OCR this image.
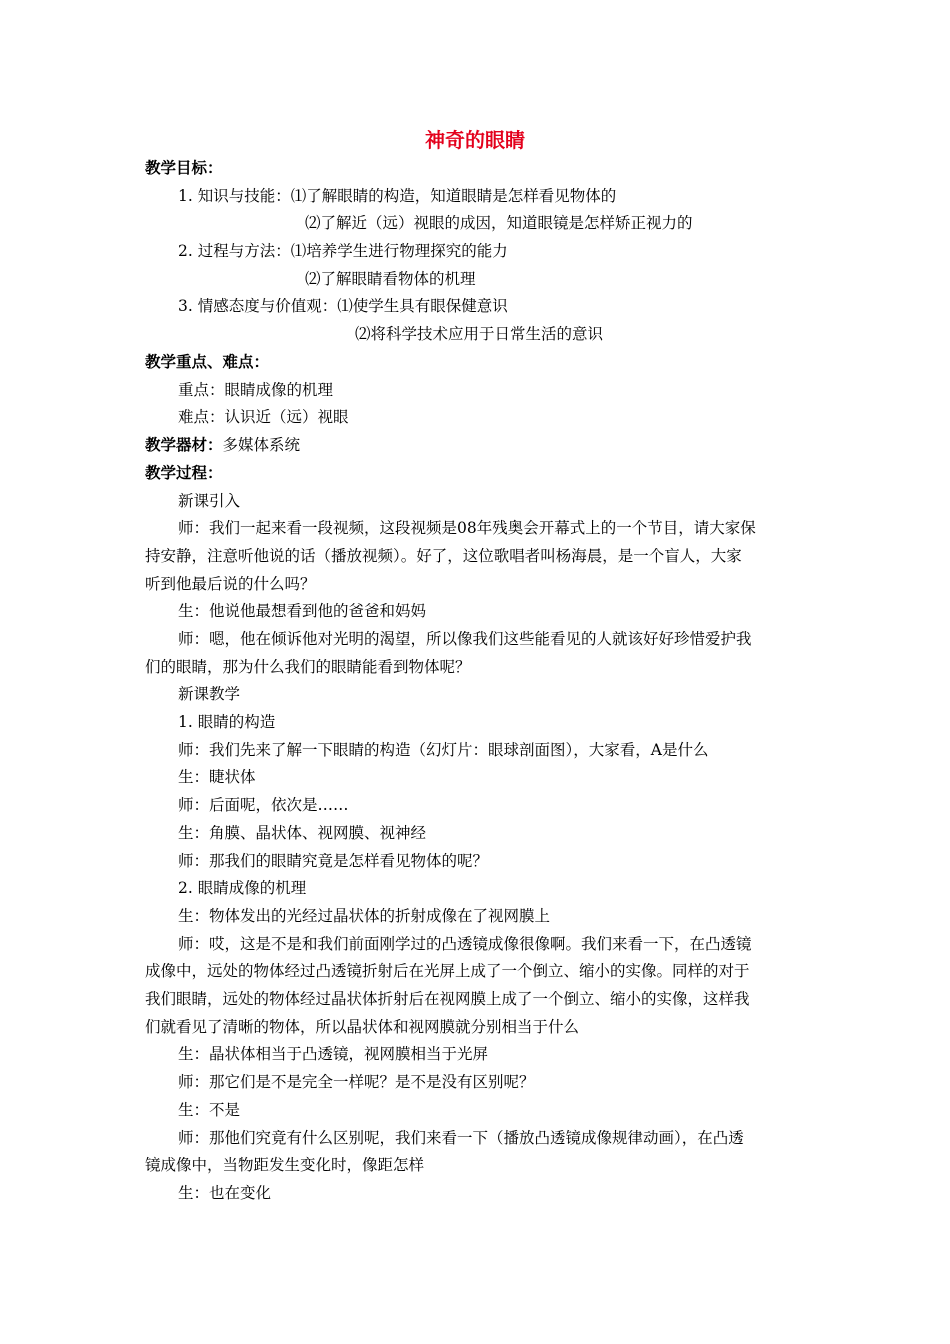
神奇的眼睛
教学目标：
1. 知识与技能：⑴了解眼睛的构造，知道眼睛是怎样看见物体的
⑵了解近（远）视眼的成因，知道眼镜是怎样矫正视力的
2. 过程与方法：⑴培养学生进行物理探究的能力
⑵了解眼睛看物体的机理
3. 情感态度与价值观：⑴使学生具有眼保健意识
⑵将科学技术应用于日常生活的意识
教学重点、难点：
重点：眼睛成像的机理
难点：认识近（远）视眼
教学器材：多媒体系统
教学过程：
新课引入
师：我们一起来看一段视频，这段视频是08年残奥会开幕式上的一个节目，请大家保
持安静，注意听他说的话（播放视频）。好了，这位歌唱者叫杨海晨，是一个盲人，大家
听到他最后说的什么吗？
生：他说他最想看到他的爸爸和妈妈
师：嗯，他在倾诉他对光明的渴望，所以像我们这些能看见的人就该好好珍惜爱护我
们的眼睛，那为什么我们的眼睛能看到物体呢？
新课教学
1. 眼睛的构造
师：我们先来了解一下眼睛的构造（幻灯片：眼球剖面图），大家看，A是什么
生：睫状体
师：后面呢，依次是……
生：角膜、晶状体、视网膜、视神经
师：那我们的眼睛究竟是怎样看见物体的呢？
2. 眼睛成像的机理
生：物体发出的光经过晶状体的折射成像在了视网膜上
师：哎，这是不是和我们前面刚学过的凸透镜成像很像啊。我们来看一下，在凸透镜
成像中，远处的物体经过凸透镜折射后在光屏上成了一个倒立、缩小的实像。同样的对于
我们眼睛，远处的物体经过晶状体折射后在视网膜上成了一个倒立、缩小的实像，这样我
们就看见了清晰的物体，所以晶状体和视网膜就分别相当于什么
生：晶状体相当于凸透镜，视网膜相当于光屏
师：那它们是不是完全一样呢？是不是没有区别呢？
生：不是
师：那他们究竟有什么区别呢，我们来看一下（播放凸透镜成像规律动画），在凸透
镜成像中，当物距发生变化时，像距怎样
生：也在变化
